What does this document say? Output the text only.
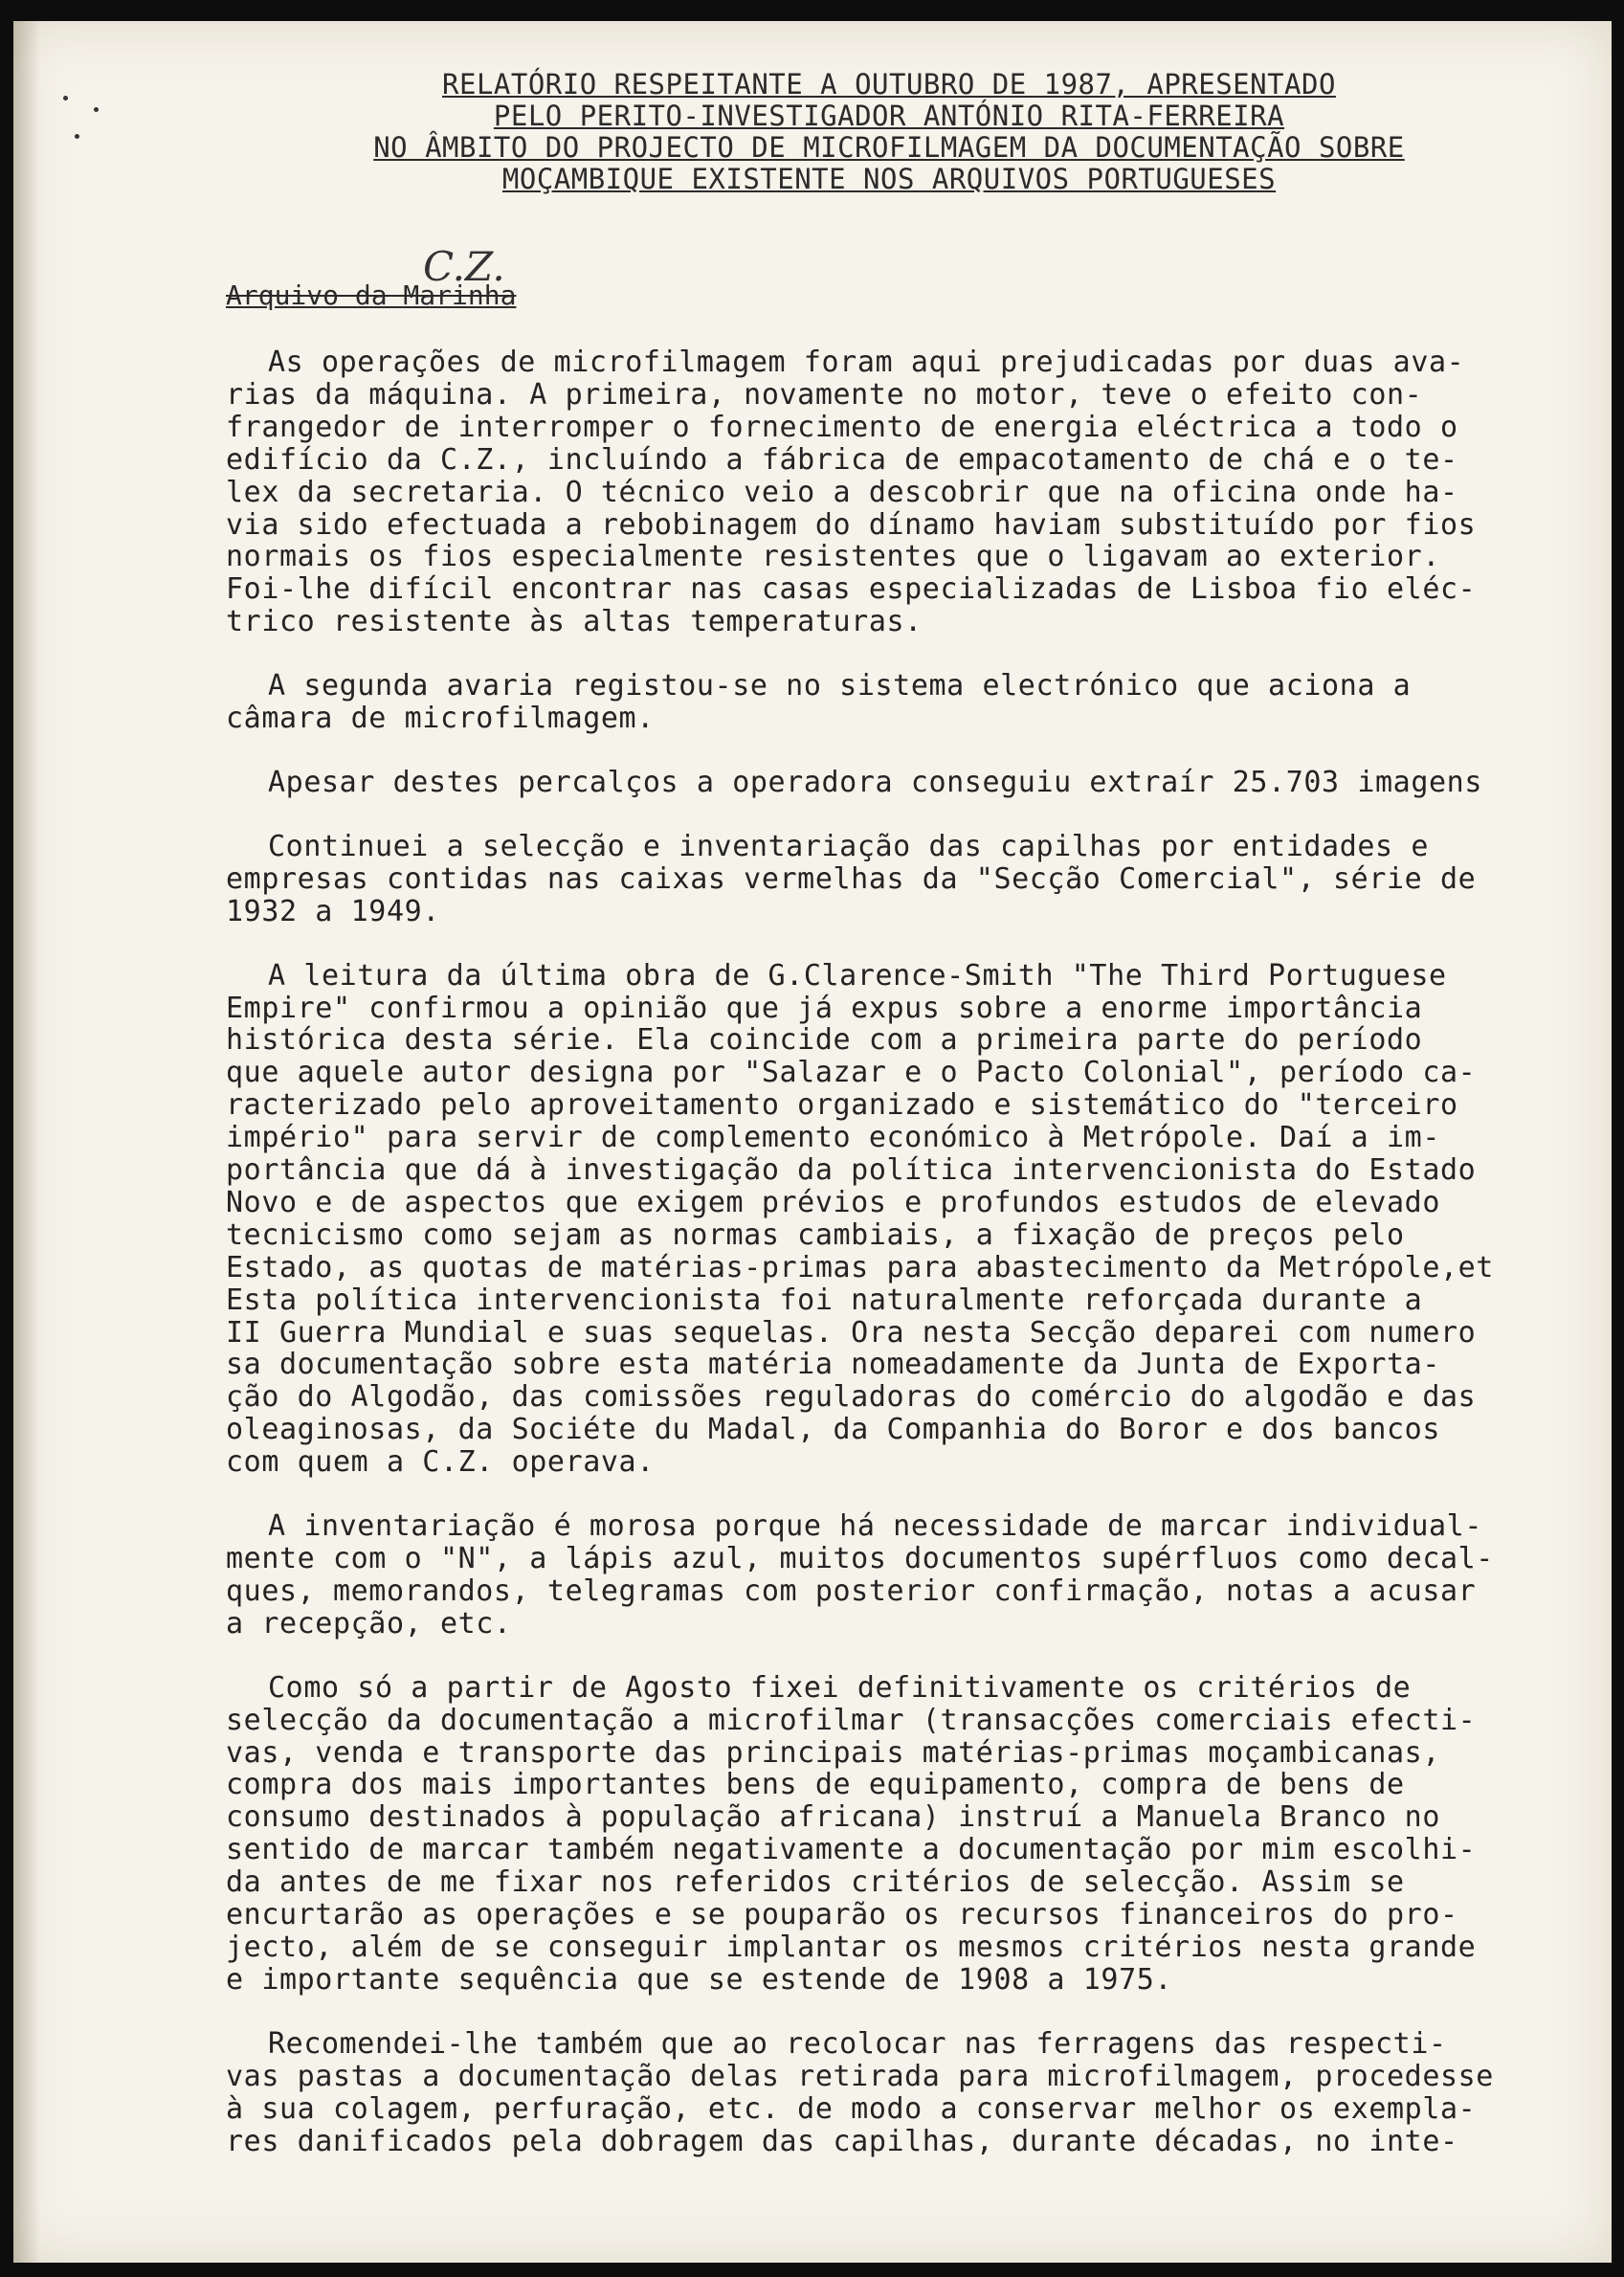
RELATÓRIO RESPEITANTE A OUTUBRO DE 1987, APRESENTADO
PELO PERITO-INVESTIGADOR ANTÓNIO RITA-FERREIRA
NO ÂMBITO DO PROJECTO DE MICROFILMAGEM DA DOCUMENTAÇÃO SOBRE
MOÇAMBIQUE EXISTENTE NOS ARQUIVOS PORTUGUESES
C.Z.
Arquivo da Marinha
As operações de microfilmagem foram aqui prejudicadas por duas ava-
rias da máquina. A primeira, novamente no motor, teve o efeito con-
frangedor de interromper o fornecimento de energia eléctrica a todo o
edifício da C.Z., incluíndo a fábrica de empacotamento de chá e o te-
lex da secretaria. O técnico veio a descobrir que na oficina onde ha-
via sido efectuada a rebobinagem do dínamo haviam substituído por fios
normais os fios especialmente resistentes que o ligavam ao exterior.
Foi-lhe difícil encontrar nas casas especializadas de Lisboa fio eléc-
trico resistente às altas temperaturas.
A segunda avaria registou-se no sistema electrónico que aciona a
câmara de microfilmagem.
Apesar destes percalços a operadora conseguiu extraír 25.703 imagens
Continuei a selecção e inventariação das capilhas por entidades e
empresas contidas nas caixas vermelhas da "Secção Comercial", série de
1932 a 1949.
A leitura da última obra de G.Clarence-Smith "The Third Portuguese
Empire" confirmou a opinião que já expus sobre a enorme importância
histórica desta série. Ela coincide com a primeira parte do período
que aquele autor designa por "Salazar e o Pacto Colonial", período ca-
racterizado pelo aproveitamento organizado e sistemático do "terceiro
império" para servir de complemento económico à Metrópole. Daí a im-
portância que dá à investigação da política intervencionista do Estado
Novo e de aspectos que exigem prévios e profundos estudos de elevado
tecnicismo como sejam as normas cambiais, a fixação de preços pelo
Estado, as quotas de matérias-primas para abastecimento da Metrópole,et
Esta política intervencionista foi naturalmente reforçada durante a
II Guerra Mundial e suas sequelas. Ora nesta Secção deparei com numero
sa documentação sobre esta matéria nomeadamente da Junta de Exporta-
ção do Algodão, das comissões reguladoras do comércio do algodão e das
oleaginosas, da Sociéte du Madal, da Companhia do Boror e dos bancos
com quem a C.Z. operava.
A inventariação é morosa porque há necessidade de marcar individual-
mente com o "N", a lápis azul, muitos documentos supérfluos como decal-
ques, memorandos, telegramas com posterior confirmação, notas a acusar
a recepção, etc.
Como só a partir de Agosto fixei definitivamente os critérios de
selecção da documentação a microfilmar (transacções comerciais efecti-
vas, venda e transporte das principais matérias-primas moçambicanas,
compra dos mais importantes bens de equipamento, compra de bens de
consumo destinados à população africana) instruí a Manuela Branco no
sentido de marcar também negativamente a documentação por mim escolhi-
da antes de me fixar nos referidos critérios de selecção. Assim se
encurtarão as operações e se pouparão os recursos financeiros do pro-
jecto, além de se conseguir implantar os mesmos critérios nesta grande
e importante sequência que se estende de 1908 a 1975.
Recomendei-lhe também que ao recolocar nas ferragens das respecti-
vas pastas a documentação delas retirada para microfilmagem, procedesse
à sua colagem, perfuração, etc. de modo a conservar melhor os exempla-
res danificados pela dobragem das capilhas, durante décadas, no inte-
